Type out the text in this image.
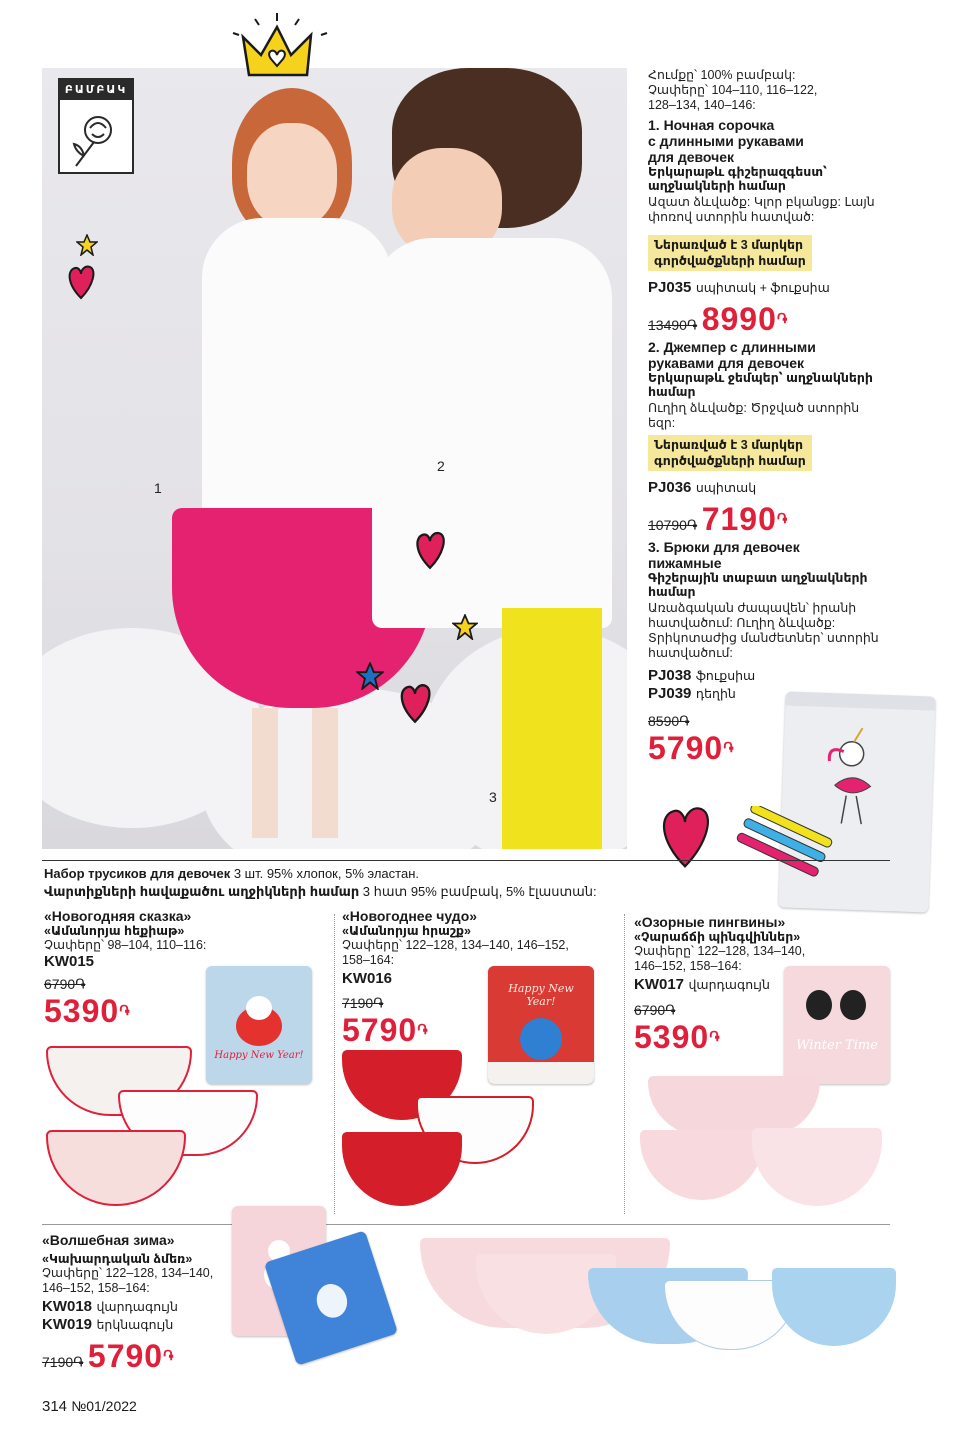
1
2
3
ԲԱՄԲԱԿ
Հումքը՝ 100% բամբակ:
Չափերը՝ 104–110, 116–122,
128–134, 140–146:
1. Ночная сорочка
с длинными рукавами
для девочек
Երկարաթև գիշերազգեստ՝
աղջնակների համար
Ազատ ձևվածք: Կլոր բկանցք: Լայն
փոռով ստորին հատված:
Ներառված է 3 մարկեր
գործվածքների համար
PJ035 սպիտակ + ֆուքսիա
13490֏ 8990֏
2. Джемпер с длинными
рукавами для девочек
Երկարաթև ջեմպեր՝ աղջնակների
համար
Ուղիղ ձևվածք: Ծրջված ստորին
եզր:
Ներառված է 3 մարկեր
գործվածքների համար
PJ036 սպիտակ
10790֏ 7190֏
3. Брюки для девочек
пижамные
Գիշերային տաբատ աղջնակների
համար
Առաձգական ժապավեն՝ իրանի
հատվածում: Ուղիղ ձևվածք:
Տրիկոտաժից մանժետներ՝ ստորին
հատվածում:
PJ038 ֆուքսիա
PJ039 դեղին
8590֏
5790֏
Набор трусиков для девочек 3 шт. 95% хлопок, 5% эластан.
Վարտիքների հավաքածու աղջիկների համար 3 հատ 95% բամբակ, 5% էլաստան:
«Новогодняя сказка»
«Ամանորյա հեքիաթ»
Չափերը՝ 98–104, 110–116:
KW015
6790֏
5390֏
Happy New Year!
«Новогоднее чудо»
«Ամանորյա հրաշք»
Չափերը՝ 122–128, 134–140, 146–152,
158–164:
KW016
7190֏
5790֏
Happy New Year!
«Озорные пингвины»
«Չարաճճի պինգվիններ»
Չափերը՝ 122–128, 134–140,
146–152, 158–164:
KW017 վարդագույն
6790֏
5390֏
Winter Time
«Волшебная зима»
«Կախարդական ձմեռ»
Չափերը՝ 122–128, 134–140,
146–152, 158–164:
KW018 վարդագույն
KW019 երկնագույն
7190֏ 5790֏
314 №01/2022
